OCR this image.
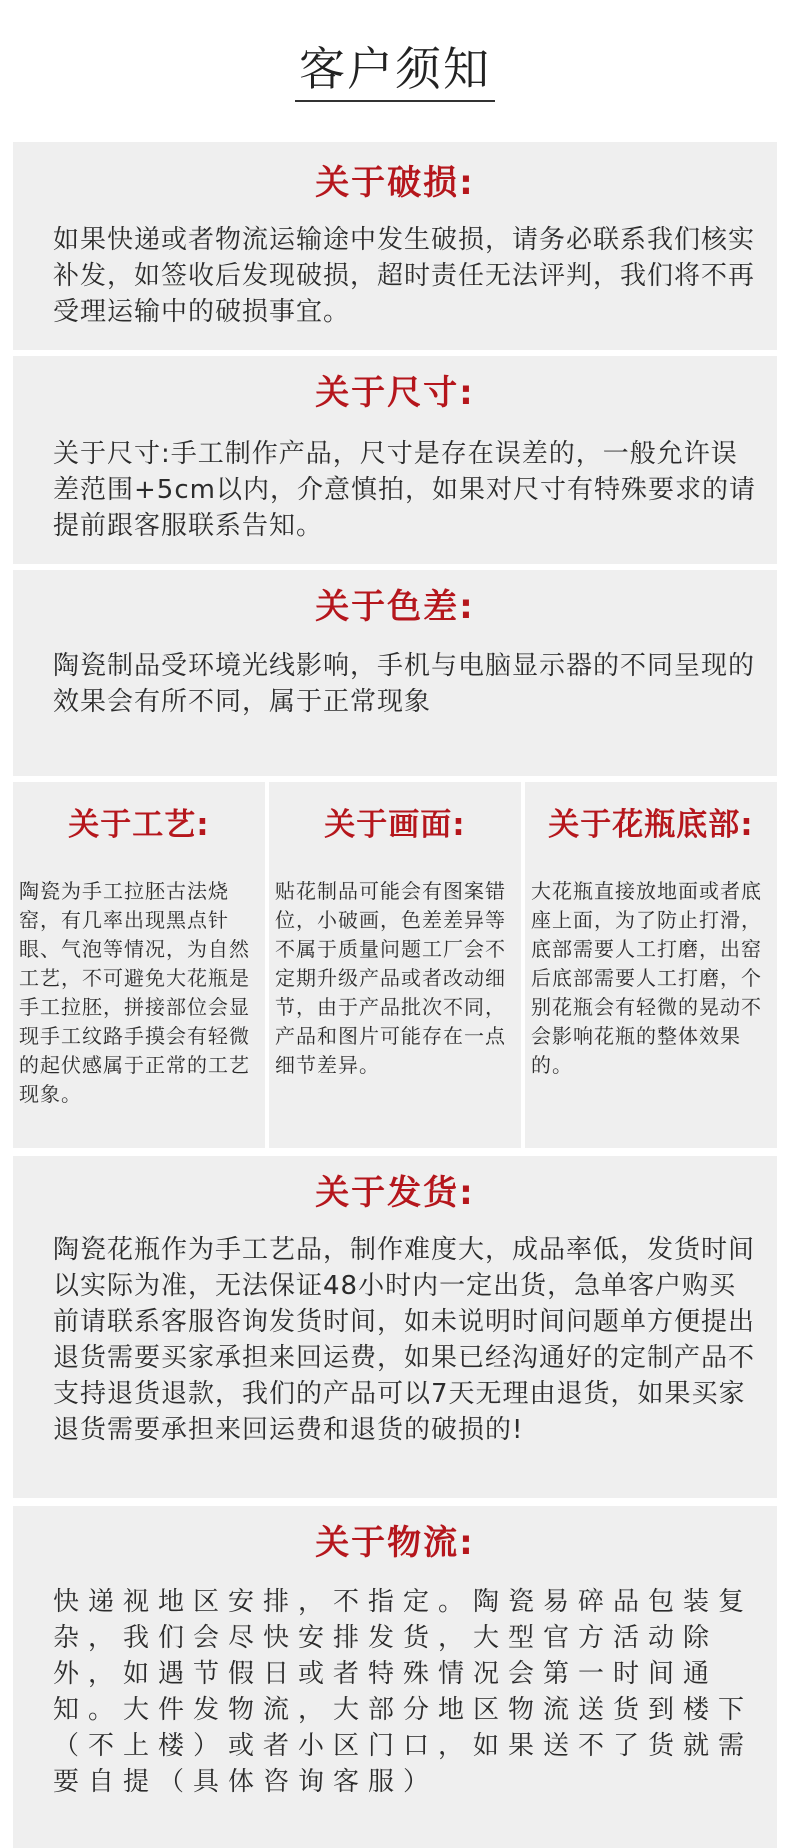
客户须知
关于破损:

如果快递或者物流运输途中发生破损，请务必联系我们核实补发，如签收后发现破损，超时责任无法评判，我们将不再受理运输中的破损事宜。

关于尺寸:

关于尺寸:手工制作产品，尺寸是存在误差的，一般允许误差范围+5cm以内，介意慎拍，如果对尺寸有特殊要求的请提前跟客服联系告知。

关于色差:

陶瓷制品受环境光线影响，手机与电脑显示器的不同呈现的效果会有所不同，属于正常现象

关于工艺:

陶瓷为手工拉胚古法烧窑，有几率出现黑点针眼、气泡等情况，为自然工艺，不可避免大花瓶是手工拉胚，拼接部位会显现手工纹路手摸会有轻微的起伏感属于正常的工艺现象。

关于画面:

贴花制品可能会有图案错位，小破画，色差差异等不属于质量问题工厂会不定期升级产品或者改动细节，由于产品批次不同，产品和图片可能存在一点细节差异。

关于花瓶底部:

大花瓶直接放地面或者底座上面，为了防止打滑，底部需要人工打磨，出窑后底部需要人工打磨，个别花瓶会有轻微的晃动不会影响花瓶的整体效果的。

关于发货:

陶瓷花瓶作为手工艺品，制作难度大，成品率低，发货时间以实际为准，无法保证48小时内一定出货，急单客户购买前请联系客服咨询发货时间，如未说明时间问题单方便提出退货需要买家承担来回运费，如果已经沟通好的定制产品不支持退货退款，我们的产品可以7天无理由退货，如果买家退货需要承担来回运费和退货的破损的!

关于物流:

快递视地区安排，不指定。陶瓷易碎品包装复杂，我们会尽快安排发货，大型官方活动除外，如遇节假日或者特殊情况会第一时间通知。大件发物流，大部分地区物流送货到楼下（不上楼）或者小区门口，如果送不了货就需要自提（具体咨询客服）
